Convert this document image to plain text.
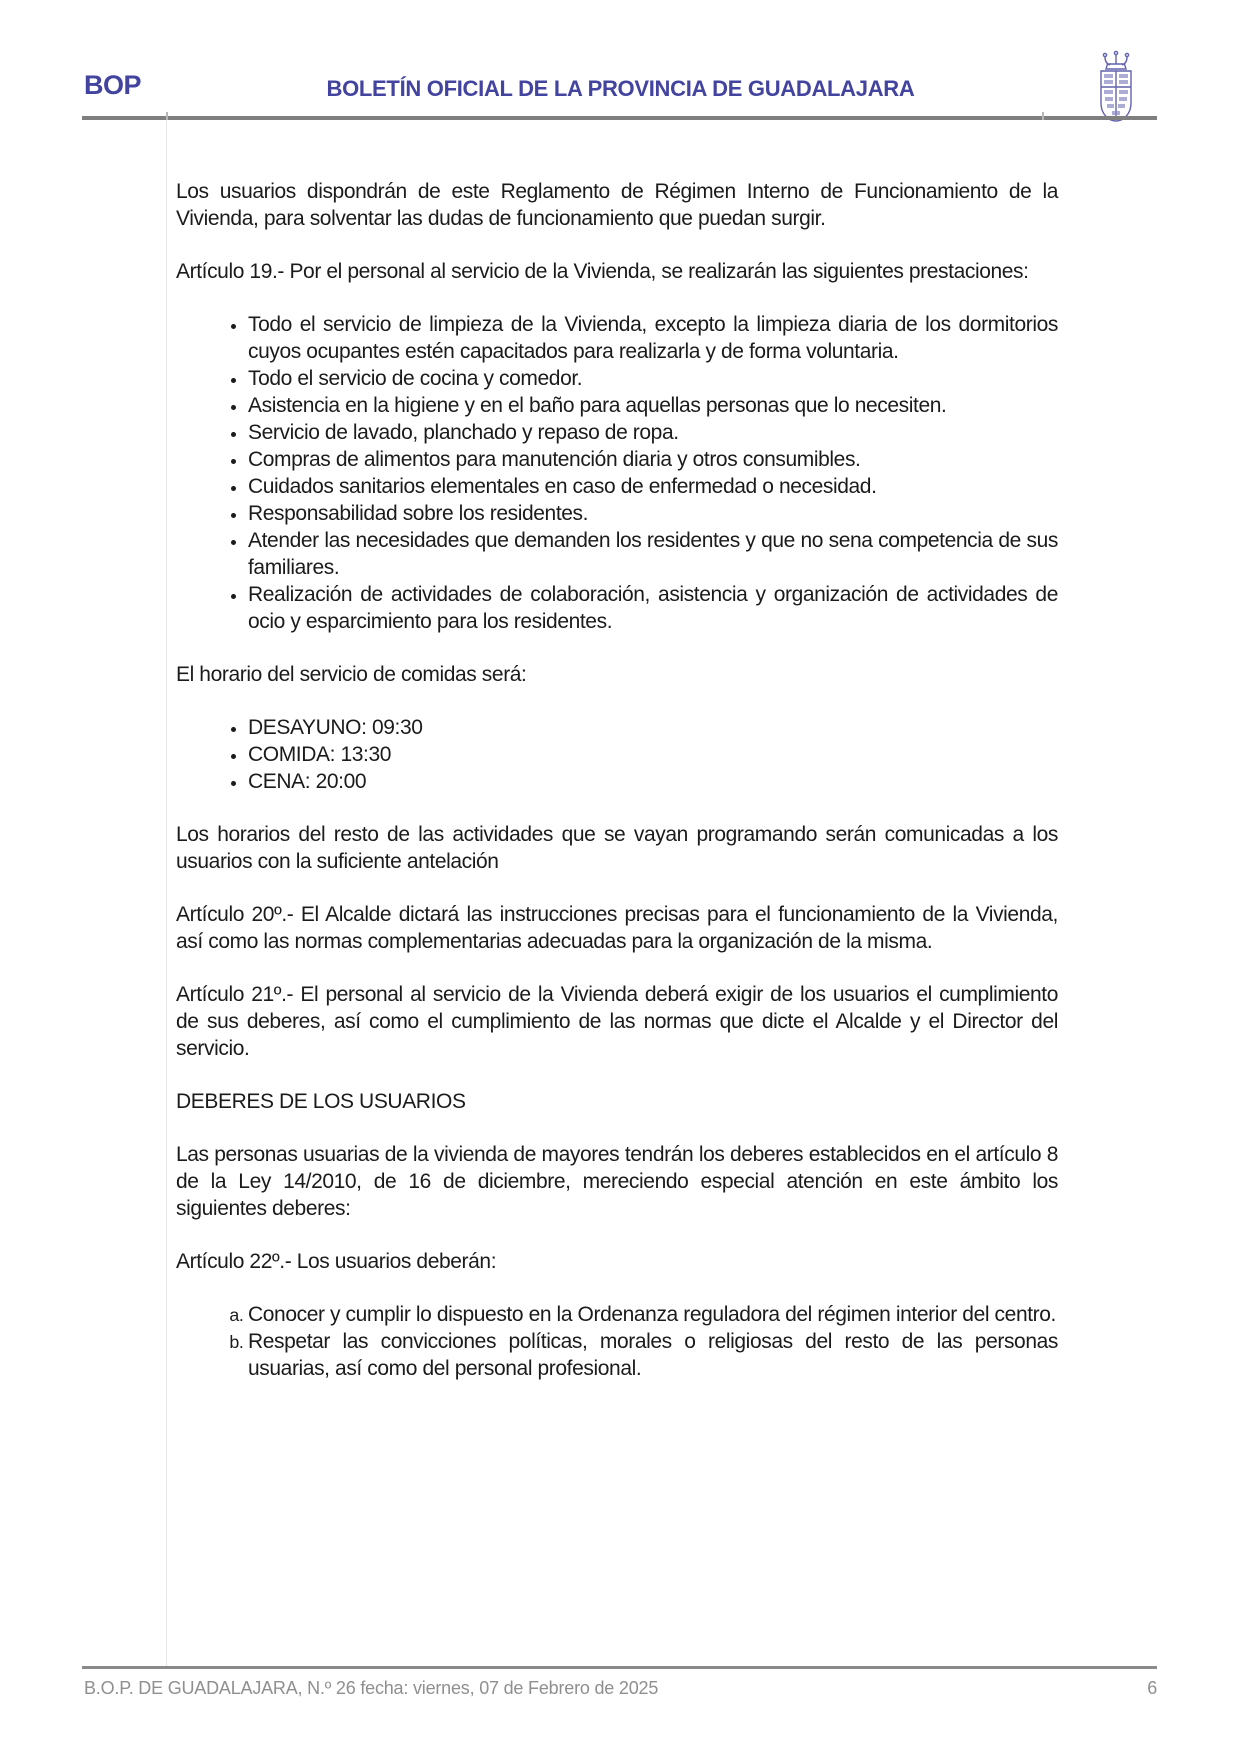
BOP	BOLETÍN OFICIAL DE LA PROVINCIA DE GUADALAJARA

Los usuarios dispondrán de este Reglamento de Régimen Interno de Funcionamiento de la Vivienda, para solventar las dudas de funcionamiento que puedan surgir.

Artículo 19.- Por el personal al servicio de la Vivienda, se realizarán las siguientes prestaciones:

• Todo el servicio de limpieza de la Vivienda, excepto la limpieza diaria de los dormitorios cuyos ocupantes estén capacitados para realizarla y de forma voluntaria.
• Todo el servicio de cocina y comedor.
• Asistencia en la higiene y en el baño para aquellas personas que lo necesiten.
• Servicio de lavado, planchado y repaso de ropa.
• Compras de alimentos para manutención diaria y otros consumibles.
• Cuidados sanitarios elementales en caso de enfermedad o necesidad.
• Responsabilidad sobre los residentes.
• Atender las necesidades que demanden los residentes y que no sena competencia de sus familiares.
• Realización de actividades de colaboración, asistencia y organización de actividades de ocio y esparcimiento para los residentes.

El horario del servicio de comidas será:

• DESAYUNO: 09:30
• COMIDA: 13:30
• CENA: 20:00

Los horarios del resto de las actividades que se vayan programando serán comunicadas a los usuarios con la suficiente antelación

Artículo 20º.- El Alcalde dictará las instrucciones precisas para el funcionamiento de la Vivienda, así como las normas complementarias adecuadas para la organización de la misma.

Artículo 21º.- El personal al servicio de la Vivienda deberá exigir de los usuarios el cumplimiento de sus deberes, así como el cumplimiento de las normas que dicte el Alcalde y el Director del servicio.

DEBERES DE LOS USUARIOS

Las personas usuarias de la vivienda de mayores tendrán los deberes establecidos en el artículo 8 de la Ley 14/2010, de 16 de diciembre, mereciendo especial atención en este ámbito los siguientes deberes:

Artículo 22º.- Los usuarios deberán:

a. Conocer y cumplir lo dispuesto en la Ordenanza reguladora del régimen interior del centro.
b. Respetar las convicciones políticas, morales o religiosas del resto de las personas usuarias, así como del personal profesional.
B.O.P. DE GUADALAJARA, N.º 26 fecha: viernes, 07 de Febrero de 2025	6
